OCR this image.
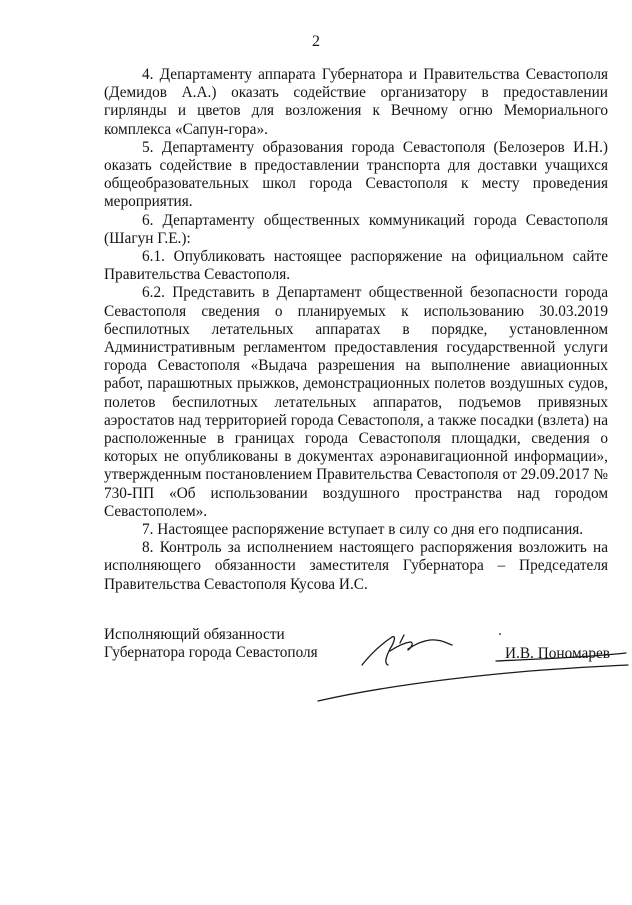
2

4. Департаменту аппарата Губернатора и Правительства Севастополя (Демидов А.А.) оказать содействие организатору в предоставлении гирлянды и цветов для возложения к Вечному огню Мемориального комплекса «Сапун-гора».

5. Департаменту образования города Севастополя (Белозеров И.Н.) оказать содействие в предоставлении транспорта для доставки учащихся общеобразовательных школ города Севастополя к месту проведения мероприятия.

6. Департаменту общественных коммуникаций города Севастополя (Шагун Г.Е.):

6.1. Опубликовать настоящее распоряжение на официальном сайте Правительства Севастополя.

6.2. Представить в Департамент общественной безопасности города Севастополя сведения о планируемых к использованию 30.03.2019 беспилотных летательных аппаратах в порядке, установленном Административным регламентом предоставления государственной услуги города Севастополя «Выдача разрешения на выполнение авиационных работ, парашютных прыжков, демонстрационных полетов воздушных судов, полетов беспилотных летательных аппаратов, подъемов привязных аэростатов над территорией города Севастополя, а также посадки (взлета) на расположенные в границах города Севастополя площадки, сведения о которых не опубликованы в документах аэронавигационной информации», утвержденным постановлением Правительства Севастополя от 29.09.2017 № 730-ПП «Об использовании воздушного пространства над городом Севастополем».

7. Настоящее распоряжение вступает в силу со дня его подписания.

8. Контроль за исполнением настоящего распоряжения возложить на исполняющего обязанности заместителя Губернатора – Председателя Правительства Севастополя Кусова И.С.

Исполняющий обязанности
Губернатора города Севастополя	И.В. Пономарев
